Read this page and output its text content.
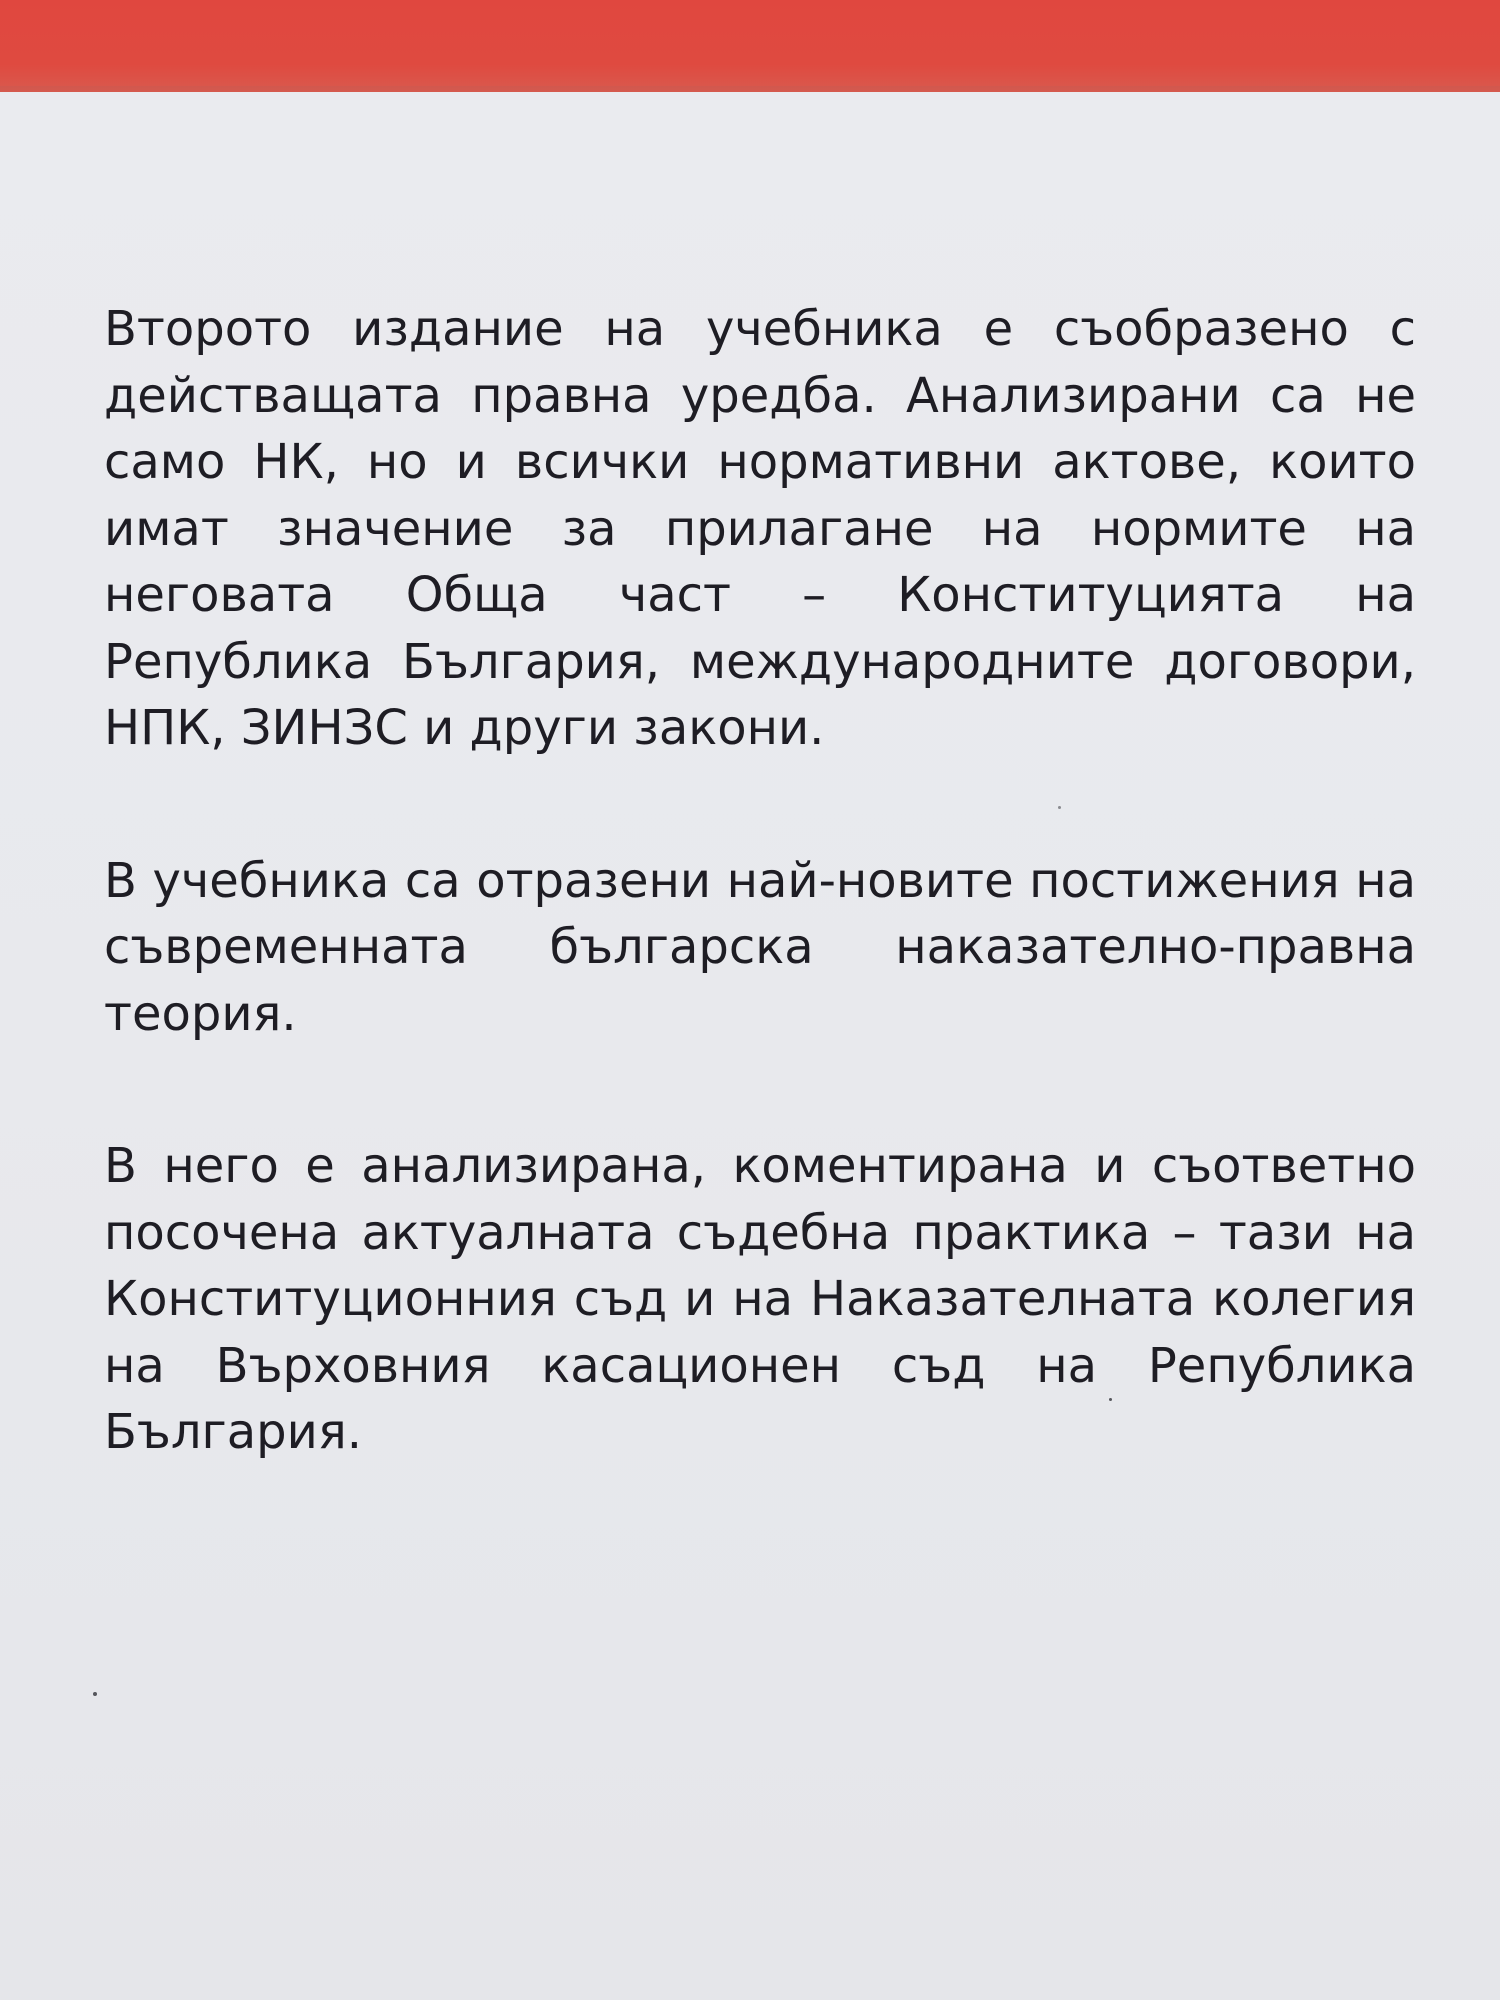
Второто издание на учебника е съобразено с действащата правна уредба. Анализирани са не само НК, но и всички нормативни актове, които имат значение за прилагане на нормите на неговата Обща част – Конституцията на Република България, международните договори, НПК, ЗИНЗС и други закони.

В учебника са отразени най-новите постижения на съвременната българска наказателно-правна теория.

В него е анализирана, коментирана и съответно посочена актуалната съдебна практика – тази на Конституционния съд и на Наказателната колегия на Върховния касационен съд на Република България.
